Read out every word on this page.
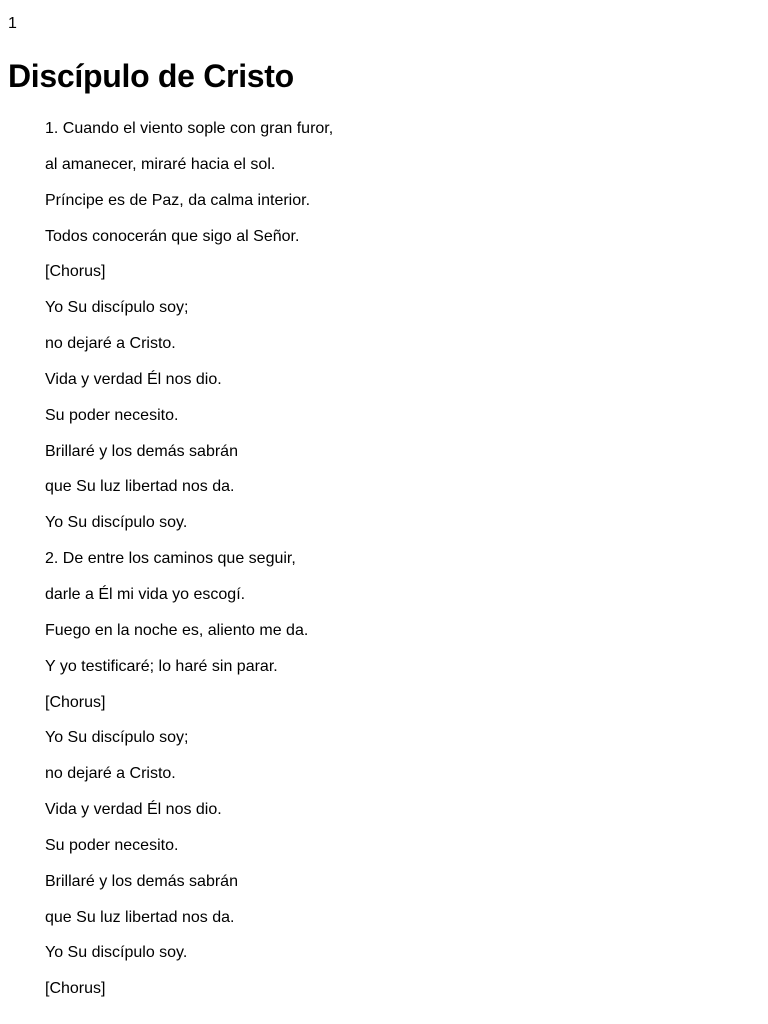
1
Discípulo de Cristo
1. Cuando el viento sople con gran furor,
al amanecer, miraré hacia el sol.
Príncipe es de Paz, da calma interior.
Todos conocerán que sigo al Señor.
[Chorus]
Yo Su discípulo soy;
no dejaré a Cristo.
Vida y verdad Él nos dio.
Su poder necesito.
Brillaré y los demás sabrán
que Su luz libertad nos da.
Yo Su discípulo soy.
2. De entre los caminos que seguir,
darle a Él mi vida yo escogí.
Fuego en la noche es, aliento me da.
Y yo testificaré; lo haré sin parar.
[Chorus]
Yo Su discípulo soy;
no dejaré a Cristo.
Vida y verdad Él nos dio.
Su poder necesito.
Brillaré y los demás sabrán
que Su luz libertad nos da.
Yo Su discípulo soy.
[Chorus]
